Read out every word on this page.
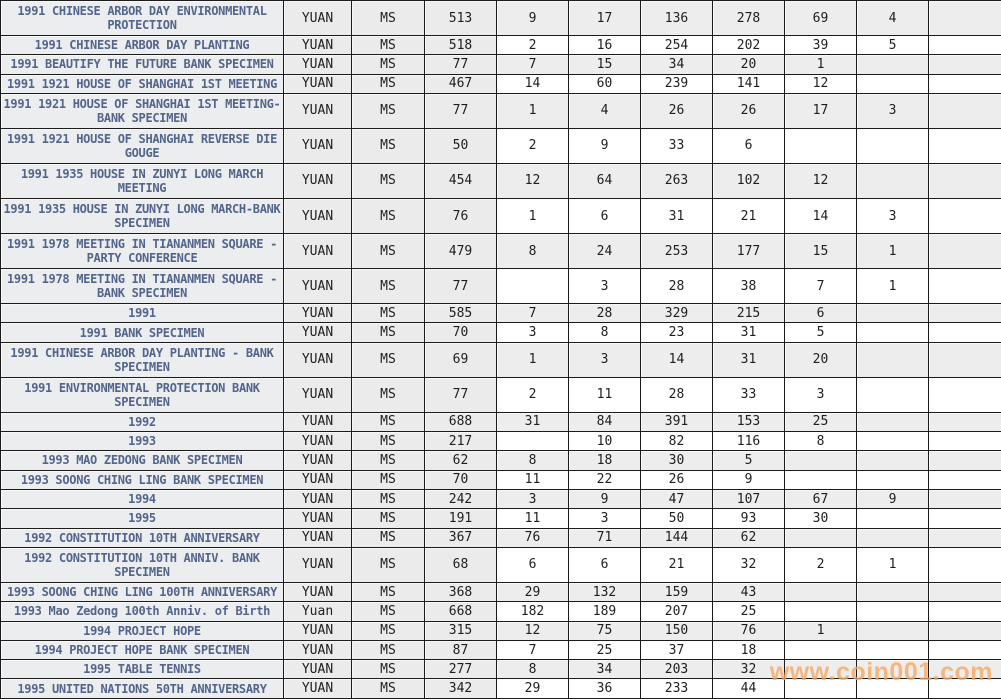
1991 CHINESE ARBOR DAY ENVIRONMENTAL PROTECTION	YUAN	MS	513	9	17	136	278	69	4	
1991 CHINESE ARBOR DAY PLANTING	YUAN	MS	518	2	16	254	202	39	5	
1991 BEAUTIFY THE FUTURE BANK SPECIMEN	YUAN	MS	77	7	15	34	20	1		
1991 1921 HOUSE OF SHANGHAI 1ST MEETING	YUAN	MS	467	14	60	239	141	12		
1991 1921 HOUSE OF SHANGHAI 1ST MEETING-BANK SPECIMEN	YUAN	MS	77	1	4	26	26	17	3	
1991 1921 HOUSE OF SHANGHAI REVERSE DIE GOUGE	YUAN	MS	50	2	9	33	6			
1991 1935 HOUSE IN ZUNYI LONG MARCH MEETING	YUAN	MS	454	12	64	263	102	12		
1991 1935 HOUSE IN ZUNYI LONG MARCH-BANK SPECIMEN	YUAN	MS	76	1	6	31	21	14	3	
1991 1978 MEETING IN TIANANMEN SQUARE - PARTY CONFERENCE	YUAN	MS	479	8	24	253	177	15	1	
1991 1978 MEETING IN TIANANMEN SQUARE - BANK SPECIMEN	YUAN	MS	77		3	28	38	7	1	
1991	YUAN	MS	585	7	28	329	215	6		
1991 BANK SPECIMEN	YUAN	MS	70	3	8	23	31	5		
1991 CHINESE ARBOR DAY PLANTING - BANK SPECIMEN	YUAN	MS	69	1	3	14	31	20		
1991 ENVIRONMENTAL PROTECTION BANK SPECIMEN	YUAN	MS	77	2	11	28	33	3		
1992	YUAN	MS	688	31	84	391	153	25		
1993	YUAN	MS	217		10	82	116	8		
1993 MAO ZEDONG BANK SPECIMEN	YUAN	MS	62	8	18	30	5			
1993 SOONG CHING LING BANK SPECIMEN	YUAN	MS	70	11	22	26	9			
1994	YUAN	MS	242	3	9	47	107	67	9	
1995	YUAN	MS	191	11	3	50	93	30		
1992 CONSTITUTION 10TH ANNIVERSARY	YUAN	MS	367	76	71	144	62			
1992 CONSTITUTION 10TH ANNIV. BANK SPECIMEN	YUAN	MS	68	6	6	21	32	2	1	
1993 SOONG CHING LING 100TH ANNIVERSARY	YUAN	MS	368	29	132	159	43			
1993 Mao Zedong 100th Anniv. of Birth	Yuan	MS	668	182	189	207	25			
1994 PROJECT HOPE	YUAN	MS	315	12	75	150	76	1		
1994 PROJECT HOPE BANK SPECIMEN	YUAN	MS	87	7	25	37	18			
1995 TABLE TENNIS	YUAN	MS	277	8	34	203	32			
1995 UNITED NATIONS 50TH ANNIVERSARY	YUAN	MS	342	29	36	233	44			
www.coin001.com
